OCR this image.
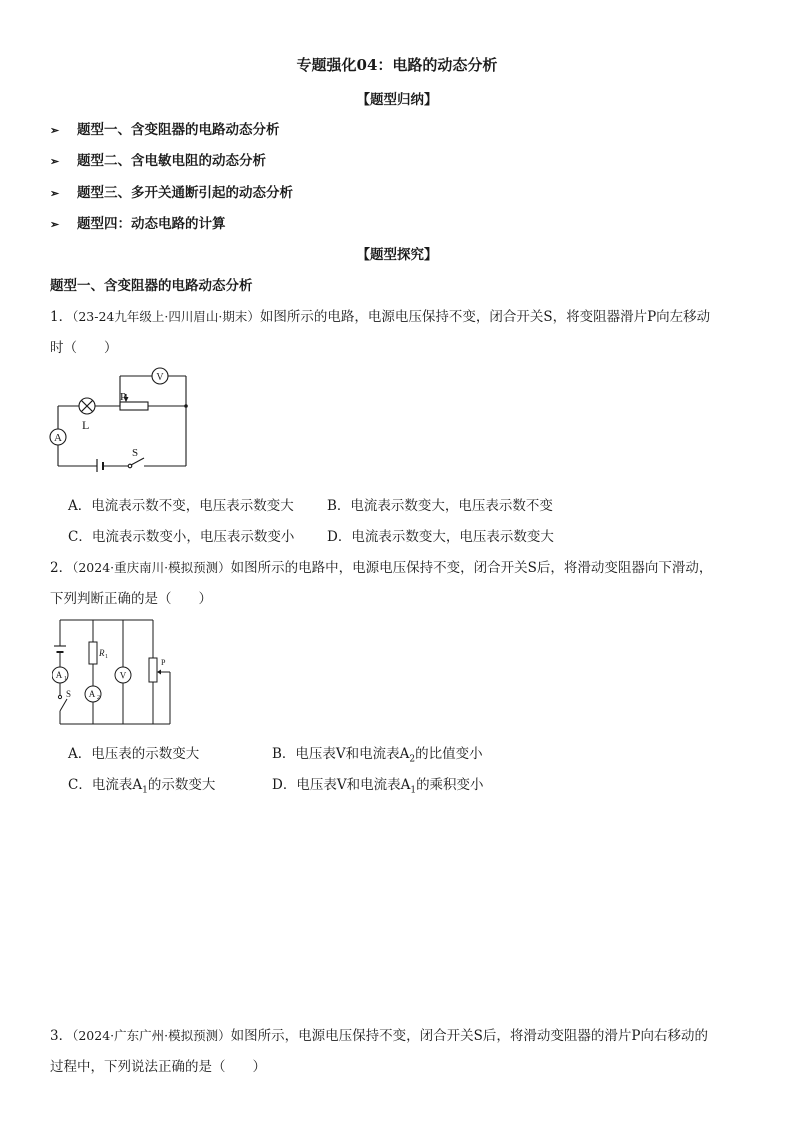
专题强化04：电路的动态分析
【题型归纳】
➢ 题型一、含变阻器的电路动态分析
➢ 题型二、含电敏电阻的动态分析
➢ 题型三、多开关通断引起的动态分析
➢ 题型四：动态电路的计算
【题型探究】
题型一、含变阻器的电路动态分析
1．（23-24九年级上·四川眉山·期末）如图所示的电路，电源电压保持不变，闭合开关S，将变阻器滑片P向左移动
时（　　）
A
V
L
P
S
A．电流表示数不变，电压表示数变大 B．电流表示数变大，电压表示数不变
C．电流表示数变小，电压表示数变小 D．电流表示数变大，电压表示数变大
2．（2024·重庆南川·模拟预测）如图所示的电路中，电源电压保持不变，闭合开关S后，将滑动变阻器向下滑动，
下列判断正确的是（　　）
A 1
S
R 1
A 2
V
P
A．电压表的示数变大	B．电压表V和电流表$A_2$的比值变小
C．电流表$A_1$的示数变大	D．电压表V和电流表$A_1$的乘积变小
3．（2024·广东广州·模拟预测）如图所示，电源电压保持不变，闭合开关S后，将滑动变阻器的滑片P向右移动的
过程中，下列说法正确的是（　　）
